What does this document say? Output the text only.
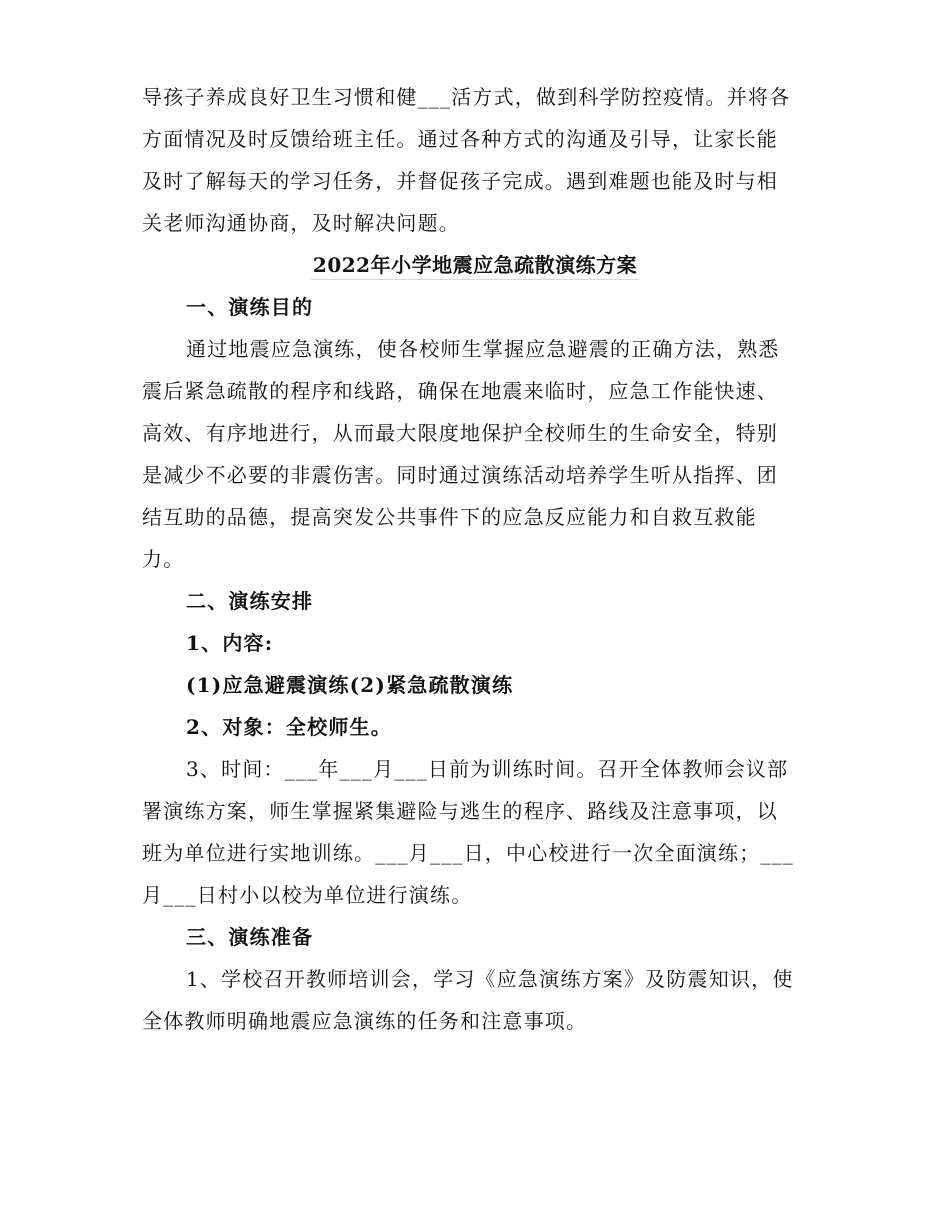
导孩子养成良好卫生习惯和健___活方式，做到科学防控疫情。并将各
方面情况及时反馈给班主任。通过各种方式的沟通及引导，让家长能
及时了解每天的学习任务，并督促孩子完成。遇到难题也能及时与相
关老师沟通协商，及时解决问题。
2022年小学地震应急疏散演练方案
一、演练目的
通过地震应急演练，使各校师生掌握应急避震的正确方法，熟悉
震后紧急疏散的程序和线路，确保在地震来临时，应急工作能快速、
高效、有序地进行，从而最大限度地保护全校师生的生命安全，特别
是减少不必要的非震伤害。同时通过演练活动培养学生听从指挥、团
结互助的品德，提高突发公共事件下的应急反应能力和自救互救能
力。
二、演练安排
1、内容:
(1)应急避震演练(2)紧急疏散演练
2、对象：全校师生。
3、时间：___年___月___日前为训练时间。召开全体教师会议部
署演练方案，师生掌握紧集避险与逃生的程序、路线及注意事项，以
班为单位进行实地训练。___月___日，中心校进行一次全面演练；___
月___日村小以校为单位进行演练。
三、演练准备
1、学校召开教师培训会，学习《应急演练方案》及防震知识，使
全体教师明确地震应急演练的任务和注意事项。
